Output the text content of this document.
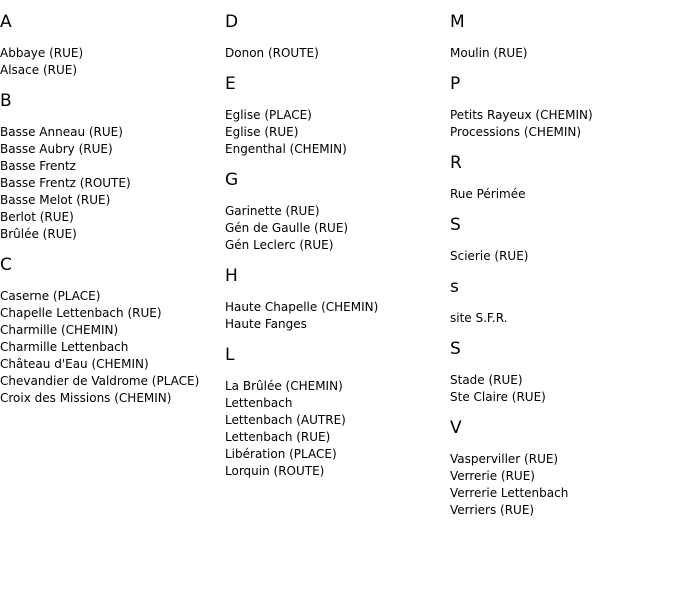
A
Abbaye (RUE)
Alsace (RUE)
B
Basse Anneau (RUE)
Basse Aubry (RUE)
Basse Frentz
Basse Frentz (ROUTE)
Basse Melot (RUE)
Berlot (RUE)
Brûlée (RUE)
C
Caserne (PLACE)
Chapelle Lettenbach (RUE)
Charmille (CHEMIN)
Charmille Lettenbach
Château d'Eau (CHEMIN)
Chevandier de Valdrome (PLACE)
Croix des Missions (CHEMIN)
D
Donon (ROUTE)
E
Eglise (PLACE)
Eglise (RUE)
Engenthal (CHEMIN)
G
Garinette (RUE)
Gén de Gaulle (RUE)
Gén Leclerc (RUE)
H
Haute Chapelle (CHEMIN)
Haute Fanges
L
La Brûlée (CHEMIN)
Lettenbach
Lettenbach (AUTRE)
Lettenbach (RUE)
Libération (PLACE)
Lorquin (ROUTE)
M
Moulin (RUE)
P
Petits Rayeux (CHEMIN)
Processions (CHEMIN)
R
Rue Périmée
S
Scierie (RUE)
s
site S.F.R.
S
Stade (RUE)
Ste Claire (RUE)
V
Vasperviller (RUE)
Verrerie (RUE)
Verrerie Lettenbach
Verriers (RUE)
